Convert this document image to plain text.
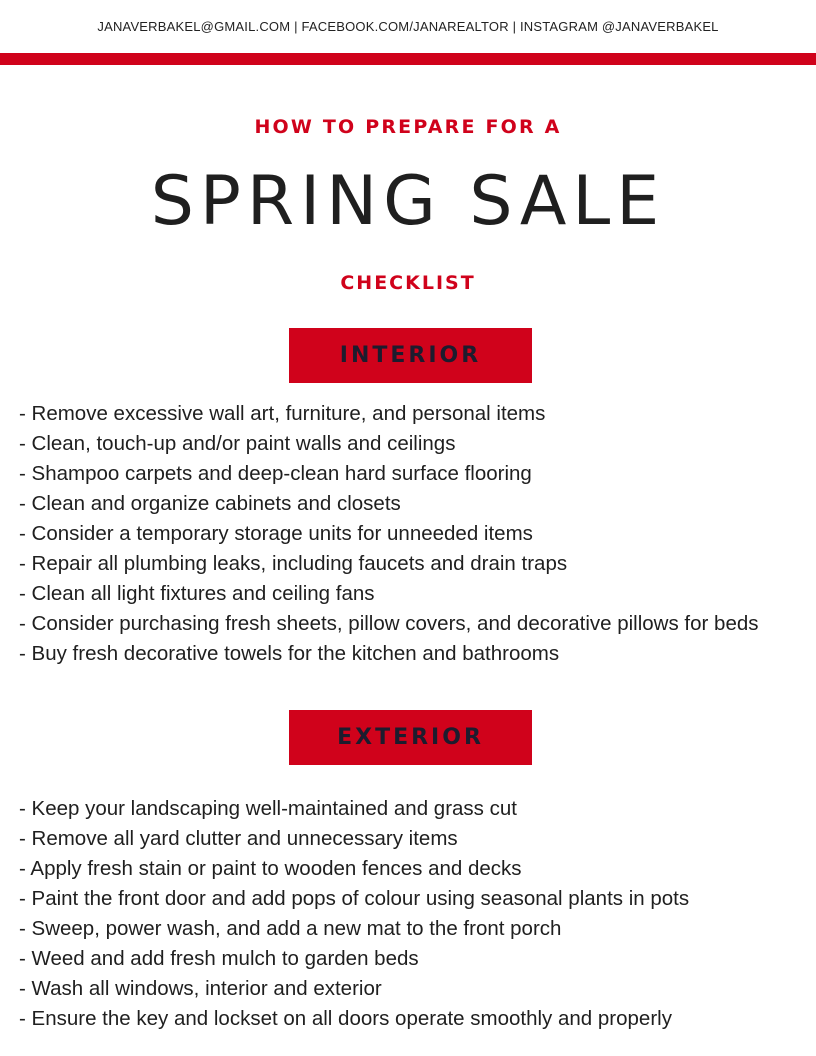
JANAVERBAKEL@GMAIL.COM | FACEBOOK.COM/JANAREALTOR | INSTAGRAM @JANAVERBAKEL
HOW TO PREPARE FOR A
SPRING SALE
CHECKLIST
INTERIOR
- Remove excessive wall art, furniture, and personal items
- Clean, touch-up and/or paint walls and ceilings
- Shampoo carpets and deep-clean hard surface flooring
- Clean and organize cabinets and closets
- Consider a temporary storage units for unneeded items
- Repair all plumbing leaks, including faucets and drain traps
- Clean all light fixtures and ceiling fans
- Consider purchasing fresh sheets, pillow covers, and decorative pillows for beds
- Buy fresh decorative towels for the kitchen and bathrooms
EXTERIOR
- Keep your landscaping well-maintained and grass cut
- Remove all yard clutter and unnecessary items
- Apply fresh stain or paint to wooden fences and decks
- Paint the front door and add pops of colour using seasonal plants in pots
- Sweep, power wash, and add a new mat to the front porch
- Weed and add fresh mulch to garden beds
- Wash all windows, interior and exterior
- Ensure the key and lockset on all doors operate smoothly and properly
